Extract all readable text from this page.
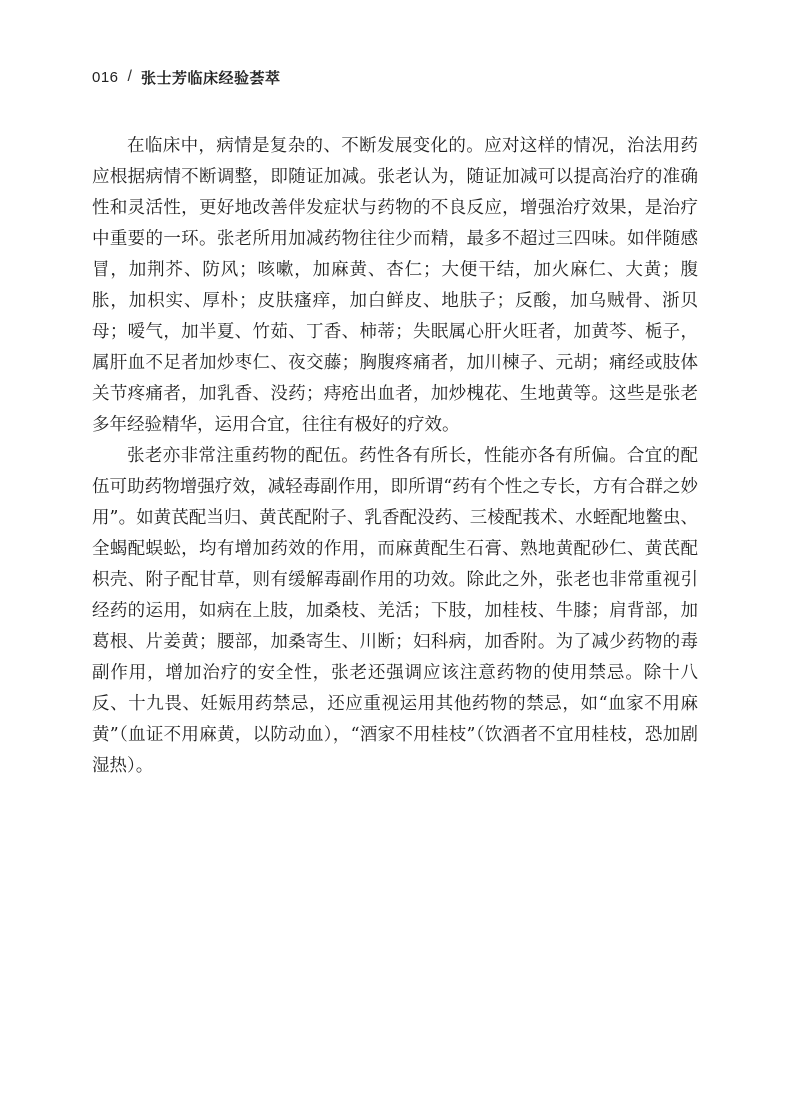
016 / 张士芳临床经验荟萃

在临床中，病情是复杂的、不断发展变化的。应对这样的情况，治法用药应根据病情不断调整，即随证加减。张老认为，随证加减可以提高治疗的准确性和灵活性，更好地改善伴发症状与药物的不良反应，增强治疗效果，是治疗中重要的一环。张老所用加减药物往往少而精，最多不超过三四味。如伴随感冒，加荆芥、防风；咳嗽，加麻黄、杏仁；大便干结，加火麻仁、大黄；腹胀，加枳实、厚朴；皮肤瘙痒，加白鲜皮、地肤子；反酸，加乌贼骨、浙贝母；嗳气，加半夏、竹茹、丁香、柿蒂；失眠属心肝火旺者，加黄芩、栀子，属肝血不足者加炒枣仁、夜交藤；胸腹疼痛者，加川楝子、元胡；痛经或肢体关节疼痛者，加乳香、没药；痔疮出血者，加炒槐花、生地黄等。这些是张老多年经验精华，运用合宜，往往有极好的疗效。

张老亦非常注重药物的配伍。药性各有所长，性能亦各有所偏。合宜的配伍可助药物增强疗效，减轻毒副作用，即所谓“药有个性之专长，方有合群之妙用”。如黄芪配当归、黄芪配附子、乳香配没药、三棱配莪术、水蛭配地鳖虫、全蝎配蜈蚣，均有增加药效的作用，而麻黄配生石膏、熟地黄配砂仁、黄芪配枳壳、附子配甘草，则有缓解毒副作用的功效。除此之外，张老也非常重视引经药的运用，如病在上肢，加桑枝、羌活；下肢，加桂枝、牛膝；肩背部，加葛根、片姜黄；腰部，加桑寄生、川断；妇科病，加香附。为了减少药物的毒副作用，增加治疗的安全性，张老还强调应该注意药物的使用禁忌。除十八反、十九畏、妊娠用药禁忌，还应重视运用其他药物的禁忌，如“血家不用麻黄”（血证不用麻黄，以防动血），“酒家不用桂枝”（饮酒者不宜用桂枝，恐加剧湿热）。
